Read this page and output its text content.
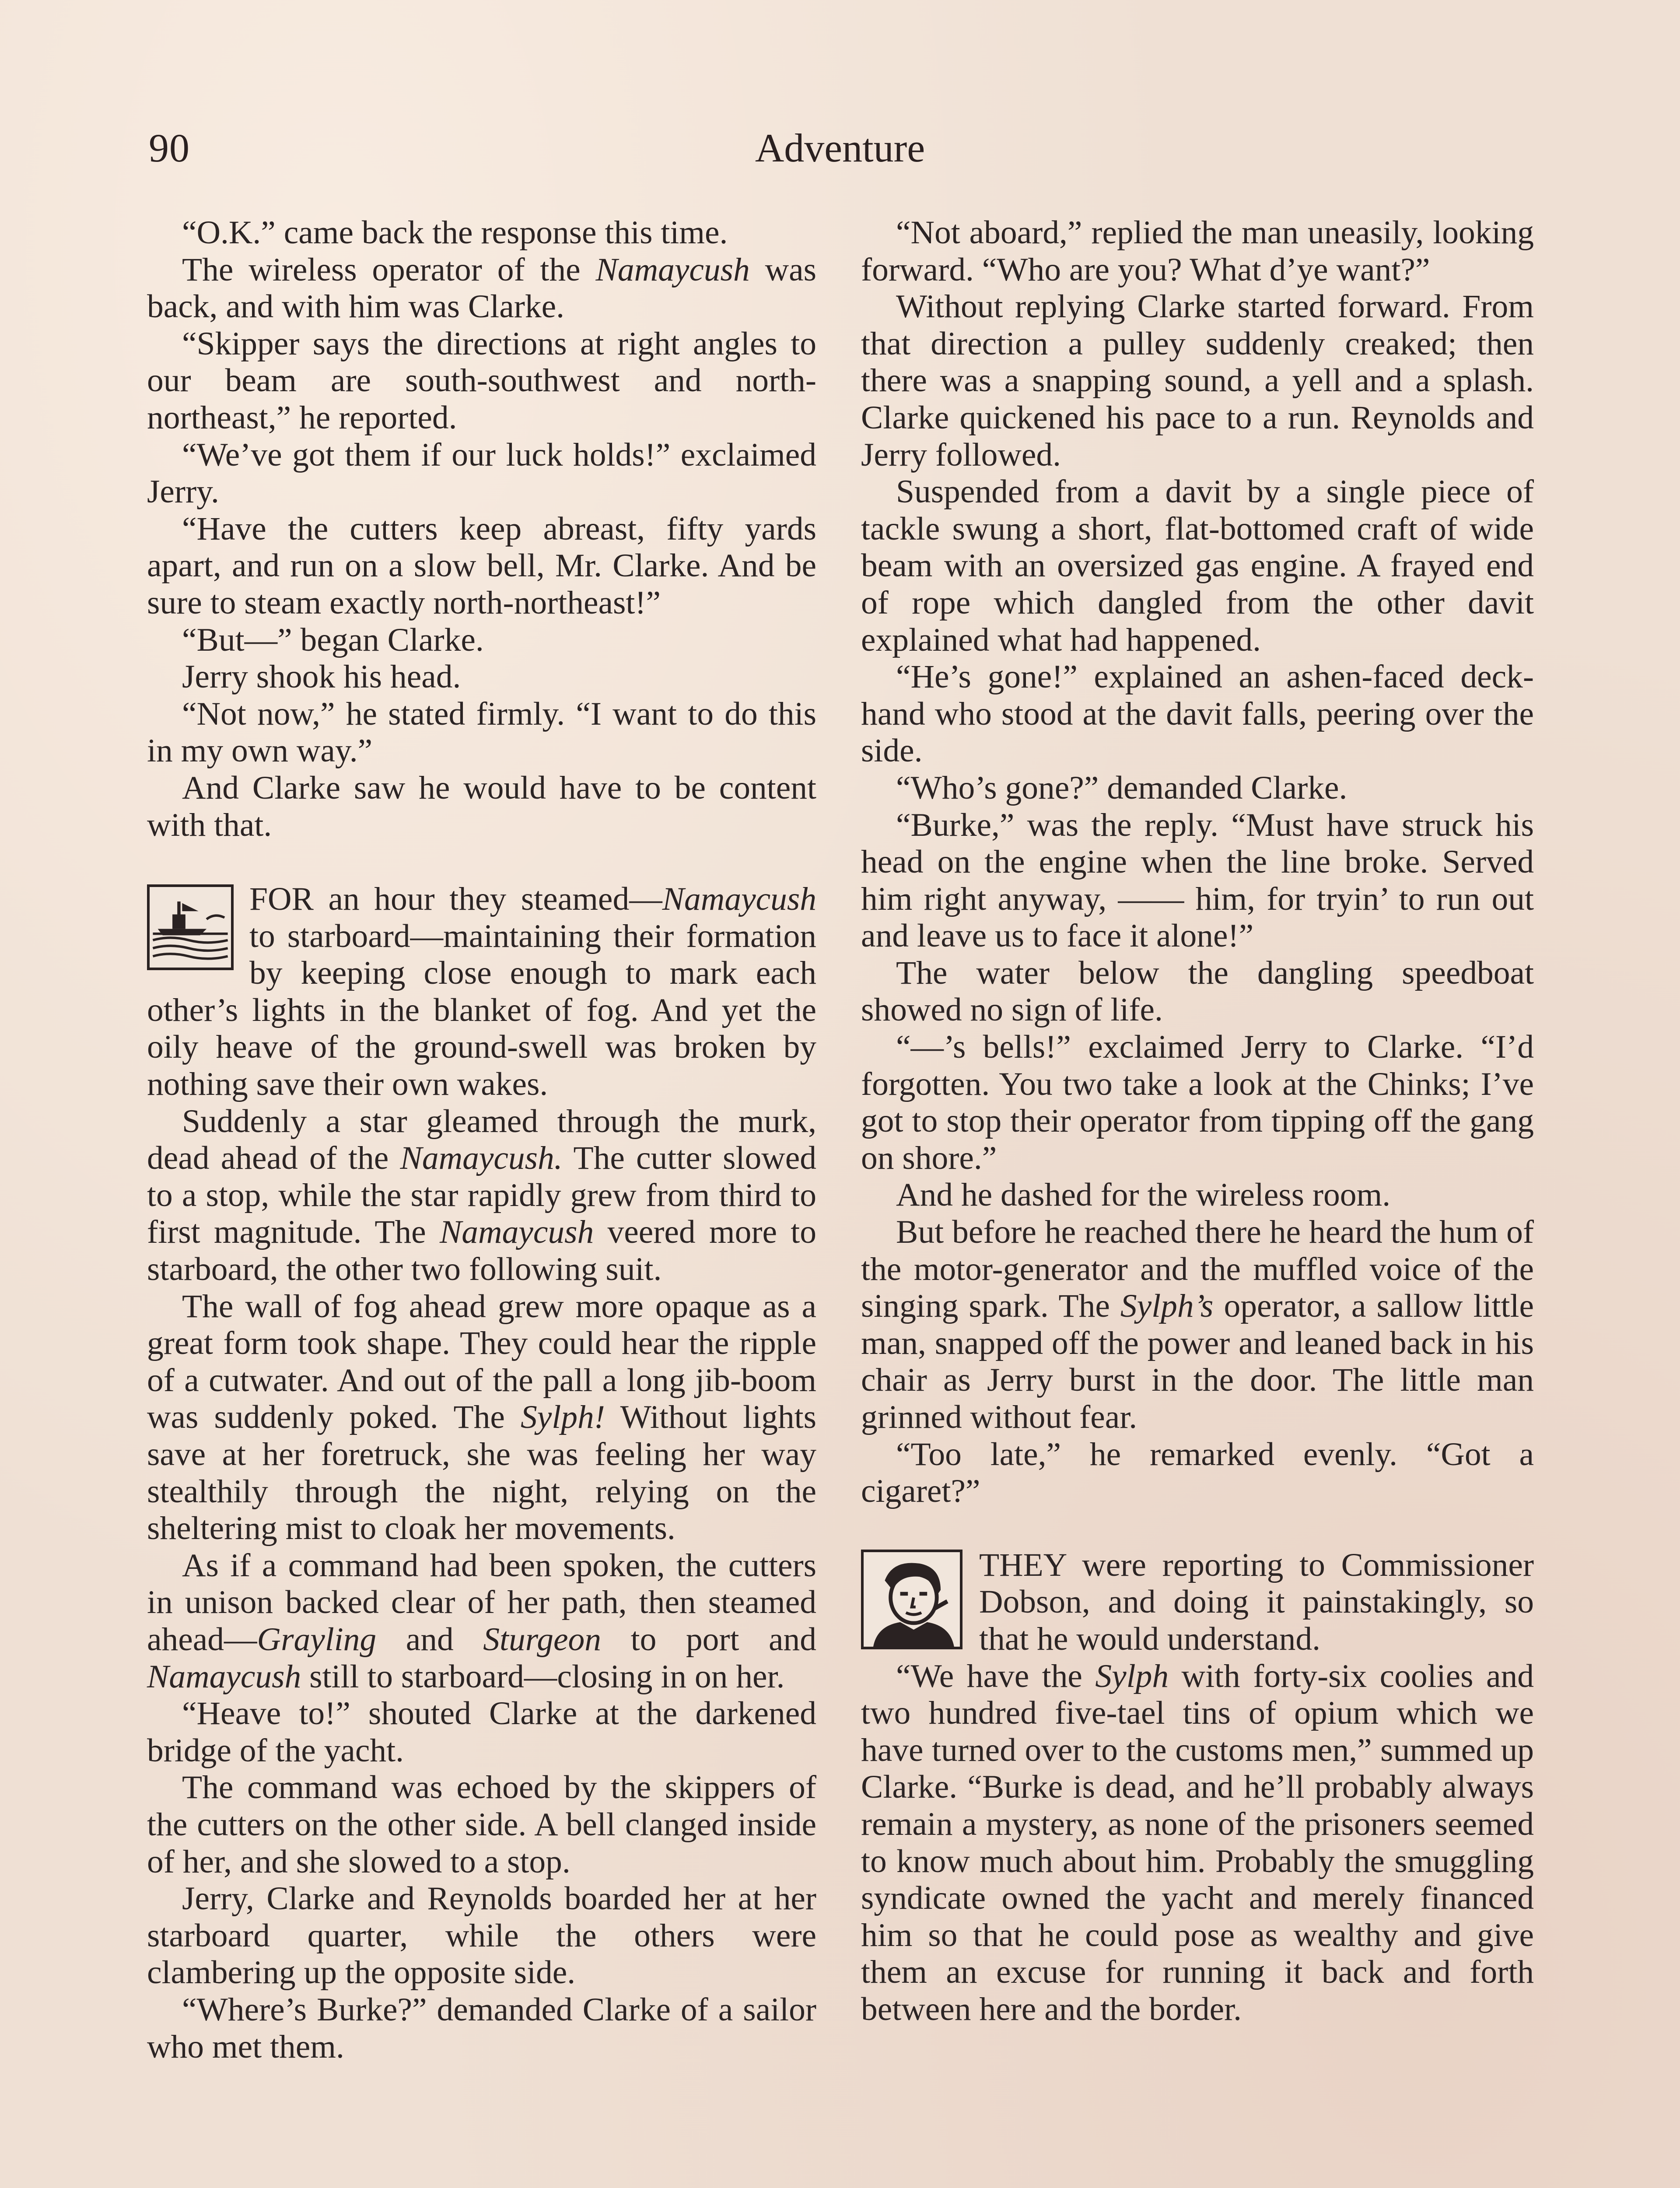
90	Adventure

“O.K.” came back the response this time.

The wireless operator of the Namaycush was back, and with him was Clarke.

“Skipper says the directions at right angles to our beam are south-southwest and north-northeast,” he reported.

“We’ve got them if our luck holds!” exclaimed Jerry.

“Have the cutters keep abreast, fifty yards apart, and run on a slow bell, Mr. Clarke. And be sure to steam exactly north-northeast!”

“But—” began Clarke.

Jerry shook his head.

“Not now,” he stated firmly. “I want to do this in my own way.”

And Clarke saw he would have to be content with that.

FOR an hour they steamed—Namaycush to starboard—maintaining their formation by keeping close enough to mark each other’s lights in the blanket of fog. And yet the oily heave of the ground-swell was broken by nothing save their own wakes.

Suddenly a star gleamed through the murk, dead ahead of the Namaycush. The cutter slowed to a stop, while the star rapidly grew from third to first magnitude. The Namaycush veered more to starboard, the other two following suit.

The wall of fog ahead grew more opaque as a great form took shape. They could hear the ripple of a cutwater. And out of the pall a long jib-boom was suddenly poked. The Sylph! Without lights save at her foretruck, she was feeling her way stealthily through the night, relying on the sheltering mist to cloak her movements.

As if a command had been spoken, the cutters in unison backed clear of her path, then steamed ahead—Grayling and Sturgeon to port and Namaycush still to starboard—closing in on her.

“Heave to!” shouted Clarke at the darkened bridge of the yacht.

The command was echoed by the skippers of the cutters on the other side. A bell clanged inside of her, and she slowed to a stop.

Jerry, Clarke and Reynolds boarded her at her starboard quarter, while the others were clambering up the opposite side.

“Where’s Burke?” demanded Clarke of a sailor who met them.

“Not aboard,” replied the man uneasily, looking forward. “Who are you? What d’ye want?”

Without replying Clarke started forward. From that direction a pulley suddenly creaked; then there was a snapping sound, a yell and a splash. Clarke quickened his pace to a run. Reynolds and Jerry followed.

Suspended from a davit by a single piece of tackle swung a short, flat-bottomed craft of wide beam with an oversized gas engine. A frayed end of rope which dangled from the other davit explained what had happened.

“He’s gone!” explained an ashen-faced deck-hand who stood at the davit falls, peering over the side.

“Who’s gone?” demanded Clarke.

“Burke,” was the reply. “Must have struck his head on the engine when the line broke. Served him right anyway, —— him, for tryin’ to run out and leave us to face it alone!”

The water below the dangling speedboat showed no sign of life.

“—’s bells!” exclaimed Jerry to Clarke. “I’d forgotten. You two take a look at the Chinks; I’ve got to stop their operator from tipping off the gang on shore.”

And he dashed for the wireless room.

But before he reached there he heard the hum of the motor-generator and the muffled voice of the singing spark. The Sylph’s operator, a sallow little man, snapped off the power and leaned back in his chair as Jerry burst in the door. The little man grinned without fear.

“Too late,” he remarked evenly. “Got a cigaret?”

THEY were reporting to Commissioner Dobson, and doing it painstakingly, so that he would understand.

“We have the Sylph with forty-six coolies and two hundred five-tael tins of opium which we have turned over to the customs men,” summed up Clarke. “Burke is dead, and he’ll probably always remain a mystery, as none of the prisoners seemed to know much about him. Probably the smuggling syndicate owned the yacht and merely financed him so that he could pose as wealthy and give them an excuse for running it back and forth between here and the border.
